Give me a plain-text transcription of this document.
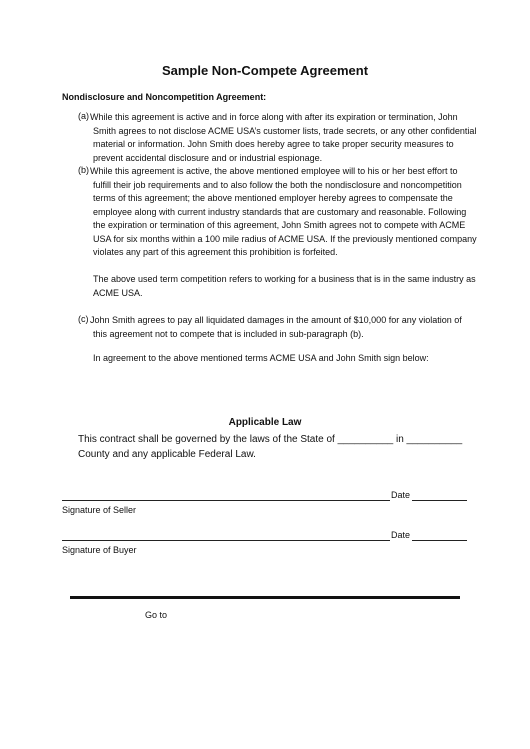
Sample Non-Compete Agreement
Nondisclosure and Noncompetition Agreement:
(a) While this agreement is active and in force along with after its expiration or termination, John
Smith agrees to not disclose ACME USA’s customer lists, trade secrets, or any other confidential
material or information. John Smith does hereby agree to take proper security measures to
prevent accidental disclosure and or industrial espionage.
(b) While this agreement is active, the above mentioned employee will to his or her best effort to
fulfill their job requirements and to also follow the both the nondisclosure and noncompetition
terms of this agreement; the above mentioned employer hereby agrees to compensate the
employee along with current industry standards that are customary and reasonable. Following
the expiration or termination of this agreement, John Smith agrees not to compete with ACME
USA for six months within a 100 mile radius of ACME USA. If the previously mentioned company
violates any part of this agreement this prohibition is forfeited.
The above used term competition refers to working for a business that is in the same industry as
ACME USA.
(c) John Smith agrees to pay all liquidated damages in the amount of $10,000 for any violation of
this agreement not to compete that is included in sub-paragraph (b).
In agreement to the above mentioned terms ACME USA and John Smith sign below:
Applicable Law
This contract shall be governed by the laws of the State of __________ in __________
County and any applicable Federal Law.
Date
Signature of Seller
Date
Signature of Buyer
Go to
